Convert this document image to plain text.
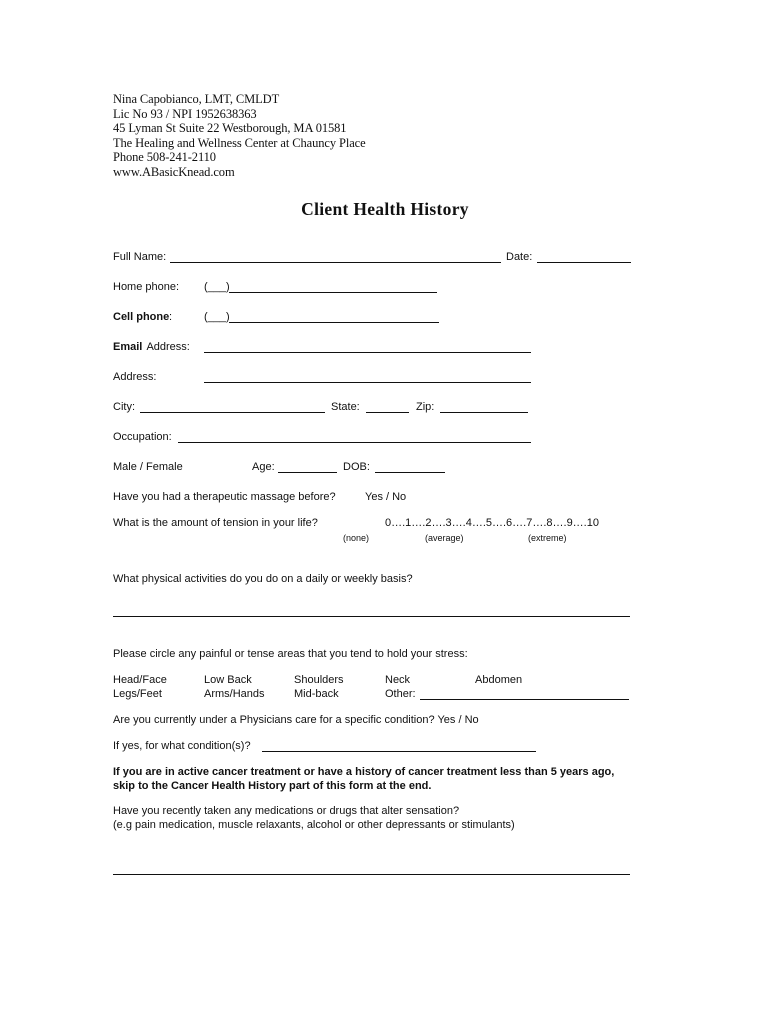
Nina Capobianco, LMT, CMLDT
Lic No 93 / NPI 1952638363
45 Lyman St Suite 22 Westborough, MA 01581
The Healing and Wellness Center at Chauncy Place
Phone 508-241-2110
www.ABasicKnead.com
Client Health History
Full Name:	Date:
Home phone: (___)
Cell phone :	(___)
Email Address:
Address:
City:	State:	Zip:
Occupation:
Male / Female	Age:	DOB:
Have you had a therapeutic massage before?	Yes / No
What is the amount of tension in your life?	0….1….2….3….4….5….6….7….8….9….10
(none)	(average)	(extreme)
What physical activities do you do on a daily or weekly basis?
Please circle any painful or tense areas that you tend to hold your stress:
Head/Face	Low Back	Shoulders	Neck	Abdomen
Legs/Feet	Arms/Hands	Mid-back	Other:
Are you currently under a Physicians care for a specific condition? Yes / No
If yes, for what condition(s)?
If you are in active cancer treatment or have a history of cancer treatment less than 5 years ago,
skip to the Cancer Health History part of this form at the end.
Have you recently taken any medications or drugs that alter sensation?
(e.g pain medication, muscle relaxants, alcohol or other depressants or stimulants)
